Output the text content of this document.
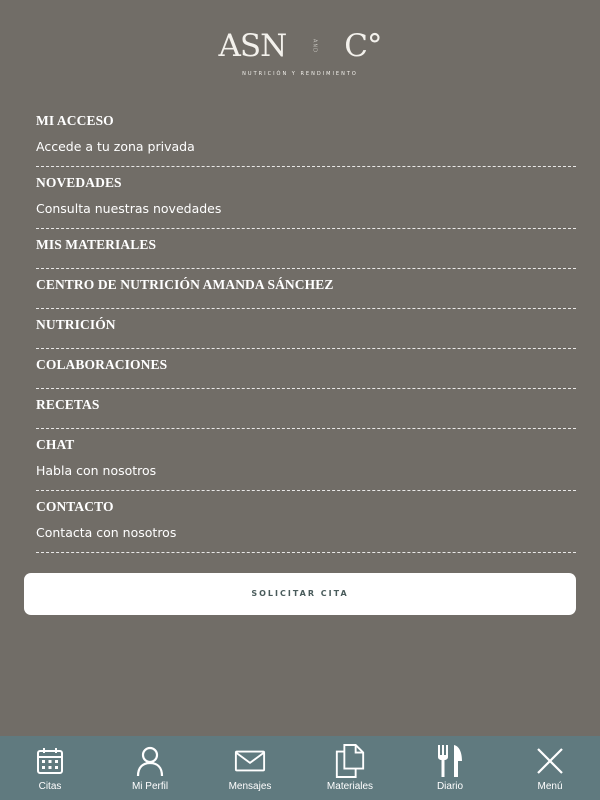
ASN	AND C°
NUTRICIÓN Y RENDIMIENTO

MI ACCESO

Accede a tu zona privada

NOVEDADES

Consulta nuestras novedades

MIS MATERIALES

CENTRO DE NUTRICIÓN AMANDA SÁNCHEZ

NUTRICIÓN

COLABORACIONES

RECETAS

CHAT

Habla con nosotros

CONTACTO

Contacta con nosotros
SOLICITAR CITA
Citas	Mi Perfil	Mensajes	Materiales	Diario	Menú
